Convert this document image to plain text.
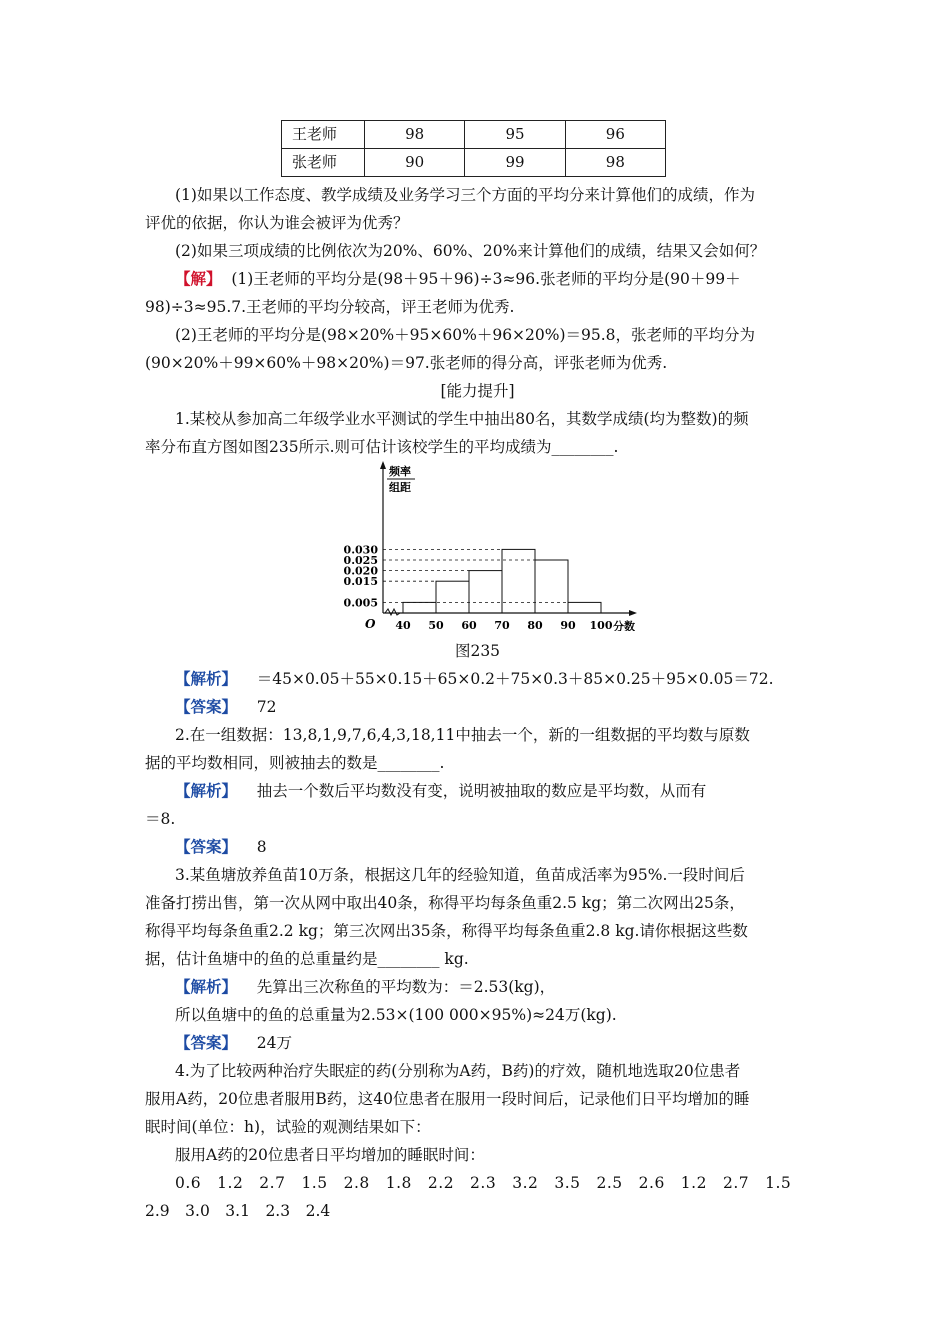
王老师	98	95	96
张老师	90	99	98

(1)如果以工作态度、教学成绩及业务学习三个方面的平均分来计算他们的成绩，作为

评优的依据，你认为谁会被评为优秀？

(2)如果三项成绩的比例依次为20%、60%、20%来计算他们的成绩，结果又会如何？

【解】 (1)王老师的平均分是(98＋95＋96)÷3≈96.张老师的平均分是(90＋99＋

98)÷3≈95.7.王老师的平均分较高，评王老师为优秀.

(2)王老师的平均分是(98×20%＋95×60%＋96×20%)＝95.8，张老师的平均分为

(90×20%＋99×60%＋98×20%)＝97.张老师的得分高，评张老师为优秀.

[能力提升]

1.某校从参加高二年级学业水平测试的学生中抽出80名，其数学成绩(均为整数)的频

率分布直方图如图235所示.则可估计该校学生的平均成绩为________.

频率
组距
0.005
0.015
0.020
0.025
0.030
40 50 60 70 80 90 100 分数
O

图235

【解析】 ＝45×0.05＋55×0.15＋65×0.2＋75×0.3＋85×0.25＋95×0.05＝72.

【答案】 72

2.在一组数据：13,8,1,9,7,6,4,3,18,11中抽去一个，新的一组数据的平均数与原数

据的平均数相同，则被抽去的数是________.

【解析】 抽去一个数后平均数没有变，说明被抽取的数应是平均数，从而有

＝8.

【答案】 8

3.某鱼塘放养鱼苗10万条，根据这几年的经验知道，鱼苗成活率为95%.一段时间后

准备打捞出售，第一次从网中取出40条，称得平均每条鱼重2.5 kg；第二次网出25条，

称得平均每条鱼重2.2 kg；第三次网出35条，称得平均每条鱼重2.8 kg.请你根据这些数

据，估计鱼塘中的鱼的总重量约是________ kg.

【解析】 先算出三次称鱼的平均数为：＝2.53(kg)，

所以鱼塘中的鱼的总重量为2.53×(100 000×95%)≈24万(kg).

【答案】 24万

4.为了比较两种治疗失眠症的药(分别称为A药，B药)的疗效，随机地选取20位患者

服用A药，20位患者服用B药，这40位患者在服用一段时间后，记录他们日平均增加的睡

眠时间(单位：h)，试验的观测结果如下：

服用A药的20位患者日平均增加的睡眠时间：

0.6　1.2　2.7　1.5　2.8　1.8　2.2　2.3　3.2　3.5　2.5　2.6　1.2　2.7　1.5

2.9　3.0　3.1　2.3　2.4
